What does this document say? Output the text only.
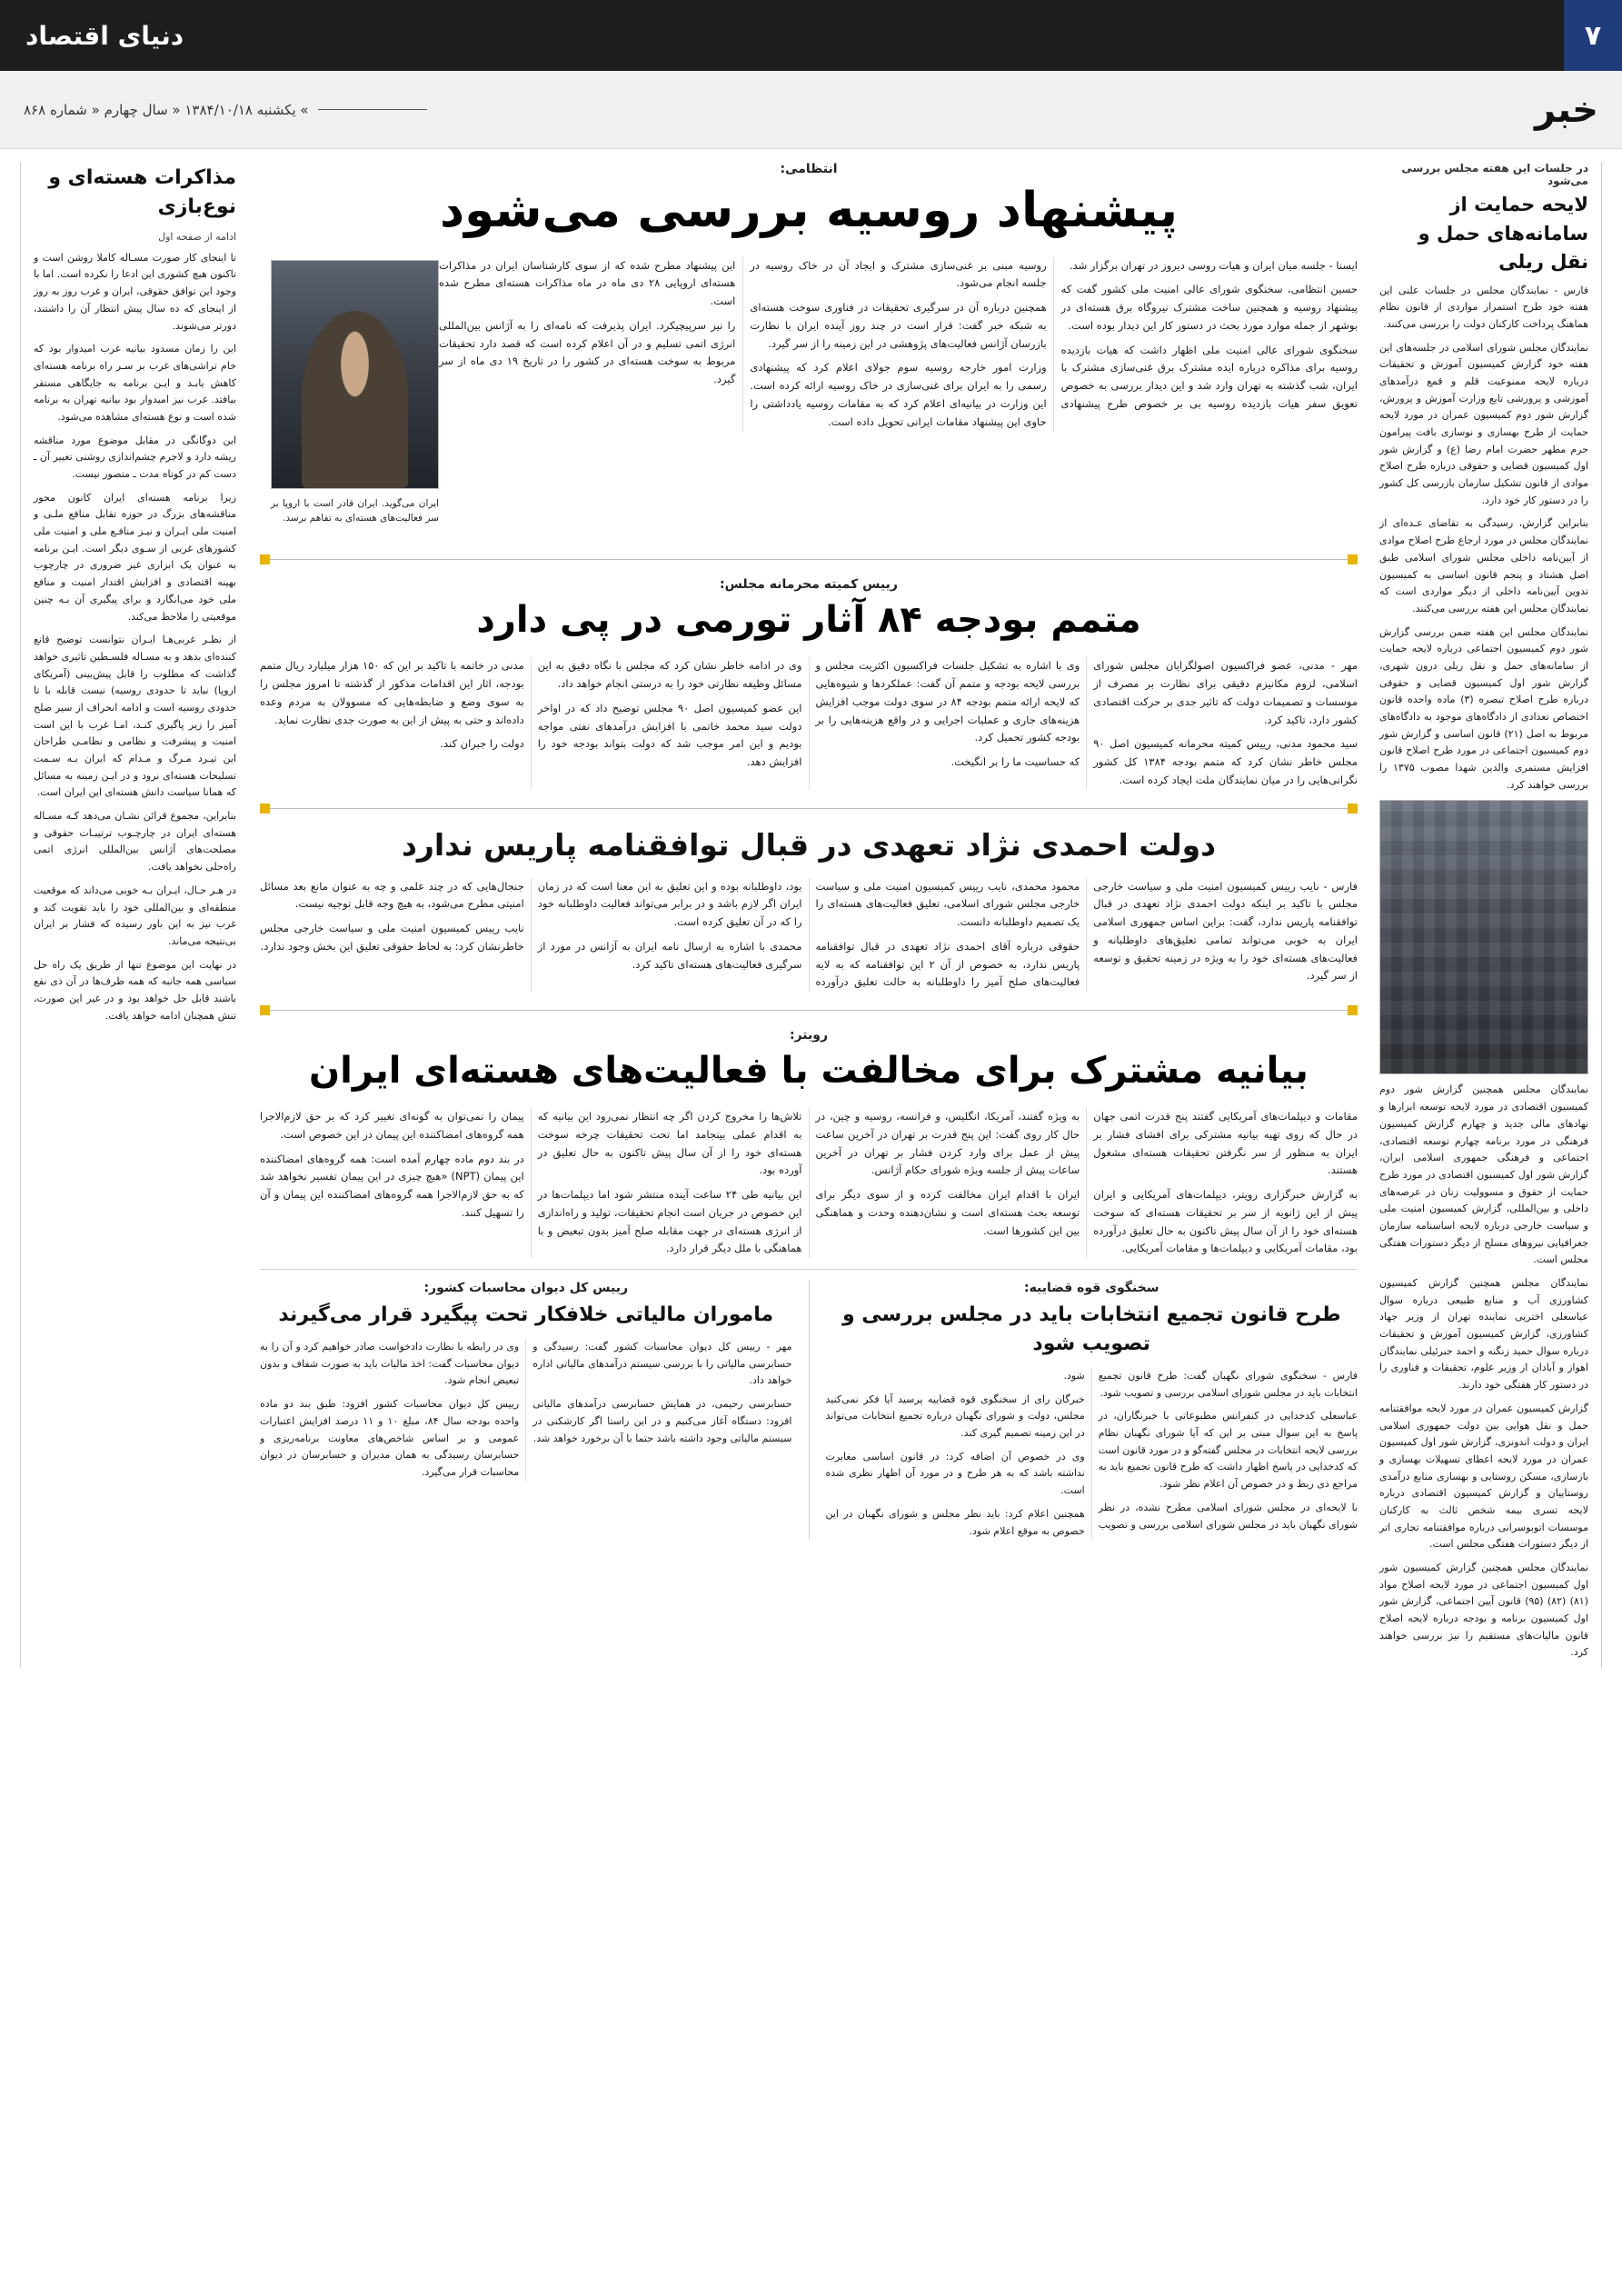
۷
دنیای اقتصاد
خبر
» یکشنبه ۱۳۸۴/۱۰/۱۸ « سال چهارم « شماره ۸۶۸
در جلسات این هفته مجلس بررسی می‌شود
لایحه حمایت از سامانه‌های حمل و نقل ریلی

فارس - نمایندگان مجلس در جلسات علنی این هفته خود طرح استمرار مواردی از قانون نظام هماهنگ پرداخت کارکنان دولت را بررسی می‌کنند.

نمایندگان مجلس شورای اسلامی در جلسه‌های این هفته خود گزارش کمیسیون آموزش و تحقیقات درباره لایحه ممنوعیت قلم و قمع درآمدهای آموزشی و پرورشی تابع وزارت آموزش و پرورش، گزارش شور دوم کمیسیون عمران در مورد لایحه حمایت از طرح بهسازی و نوسازی بافت پیرامون حرم مطهر حضرت امام رضا (ع) و گزارش شور اول کمیسیون قضایی و حقوقی درباره طرح اصلاح موادی از قانون تشکیل سازمان بازرسی کل کشور را در دستور کار خود دارد.

بنابراین گزارش، رسیدگی به تقاضای عـده‌ای از نمایندگان مجلس در مورد ارجاع طرح اصلاح موادی از آیین‌نامه داخلی مجلس شورای اسلامی طبق اصل هشتاد و پنجم قانون اساسی به کمیسیون تدوین آیین‌نامه داخلی از دیگر مواردی است که نمایندگان مجلس این هفته بررسی می‌کنند.

نمایندگان مجلس این هفته ضمن بررسی گزارش شور دوم کمیسیون اجتماعی درباره لایحه حمایت از سامانه‌های حمل و نقل ریلی درون شهری، گزارش شور اول کمیسیون قضایی و حقوقی درباره طرح اصلاح تبصره (۳) ماده واحده قانون اختصاص تعدادی از دادگاه‌های موجود به دادگاه‌های مربوط به اصل (۲۱) قانون اساسی و گزارش شور دوم کمیسیون اجتماعی در مورد طرح اصلاح قانون افزایش مستمری والدین شهدا مصوب ۱۳۷۵ را بررسی خواهند کرد.

نمایندگان مجلس همچنین گزارش شور دوم کمیسیون اقتصادی در مورد لایحه توسعه ابزارها و نهادهای مالی جدید و چهارم گزارش کمیسیون فرهنگی در مورد برنامه چهارم توسعه اقتصادی، اجتماعی و فرهنگی جمهوری اسلامی ایران، گزارش شور اول کمیسیون اقتصادی در مورد طرح حمایت از حقوق و مسوولیت زنان در عرصه‌های داخلی و بین‌المللی، گزارش کمیسیون امنیت ملی و سیاست خارجی درباره لایحه اساسنامه سازمان جغرافیایی نیروهای مسلح از دیگر دستورات هفتگی مجلس است.

نمایندگان مجلس همچنین گزارش کمیسیون کشاورزی آب و منابع طبیعی درباره سوال عباسعلی اخترپی نماینده تهران از وزیر جهاد کشاورزی، گزارش کمیسیون آموزش و تحقیقات درباره سوال حمید زنگنه و احمد جبرئیلی نمایندگان اهواز و آبادان از وزیر علوم، تحقیقات و فناوری را در دستور کار هفتگی خود دارند.

گزارش کمیسیون عمران در مورد لایحه موافقتنامه حمل و نقل هوایی بین دولت جمهوری اسلامی ایران و دولت اندونزی، گزارش شور اول کمیسیون عمران در مورد لایحه اعطای تسهیلات بهسازی و بازسازی، مسکن روستایی و بهسازی منابع درآمدی روستاییان و گزارش کمیسیون اقتصادی درباره لایحه تسری بیمه شخص ثالث به کارکنان موسسات اتوبوسرانی درباره موافقتنامه تجاری اتر از دیگر دستورات هفتگی مجلس است.

نمایندگان مجلس همچنین گزارش کمیسیون شور اول کمیسیون اجتماعی در مورد لایحه اصلاح مواد (۸۱) (۸۲) (۹۵) قانون آیین اجتماعی، گزارش شور اول کمیسیون برنامه و بودجه درباره لایحه اصلاح قانون مالیات‌های مستقیم را نیز بررسی خواهند کرد.

انتظامی:
پیشنهاد روسیه بررسی می‌شود
ایران می‌گوید. ایران قادر است با اروپا بر سر فعالیت‌های هسته‌ای به تفاهم برسد.

ایسنا - جلسه میان ایران و هیات روسی دیروز در تهران برگزار شد.

حسین انتظامی، سخنگوی شورای عالی امنیت ملی کشور گفت که پیشنهاد روسیه و همچنین ساخت مشترک نیروگاه برق هسته‌ای در بوشهر از جمله موارد مورد بحث در دستور کار این دیدار بوده است.

سخنگوی شورای عالی امنیت ملی اظهار داشت که هیات بازدیده روسیه برای مذاکره درباره ایده مشترک برق غنی‌سازی مشترک با ایران، شب گذشته به تهران وارد شد و این دیدار بررسی به خصوص تعویق سفر هیات بازدیده روسیه بی بر خصوص طرح پیشنهادی روسیه مبنی بر غنی‌سازی مشترک و ایجاد آن در خاک روسیه در جلسه انجام می‌شود.

همچنین درباره آن در سرگیری تحقیقات در فناوری سوخت هسته‌ای به شبکه خبر گفت: قرار است در چند روز آینده ایران با نظارت بازرسان آژانس فعالیت‌های پژوهشی در این زمینه را از سر گیرد.

وزارت امور خارجه روسیه سوم جولای اعلام کرد که پیشنهادی رسمی را به ایران برای غنی‌سازی در خاک روسیه ارائه کرده است. این وزارت در بیانیه‌ای اعلام کرد که به مقامات روسیه یادداشتی را حاوی این پیشنهاد مقامات ایرانی تحویل داده است.

این پیشنهاد مطرح شده که از سوی کارشناسان ایران در مذاکرات هسته‌ای اروپایی ۲۸ دی ماه در ماه مذاکرات هسته‌ای مطرح شده است.

را نیز سرپیچیکرد. ایران پذیرفت که نامه‌ای را به آژانس بین‌المللی انرژی اتمی تسلیم و در آن اعلام کرده است که قصد دارد تحقیقات مربوط به سوخت هسته‌ای در کشور را در تاریخ ۱۹ دی ماه از سر گیرد.

رییس کمیته محرمانه مجلس:
متمم بودجه ۸۴ آثار تورمی در پی دارد

مهر - مدنی، عضو فراکسیون اصولگرایان مجلس شورای اسلامی، لزوم مکانیزم دقیقی برای نظارت بر مصرف از موسسات و تصمیمات دولت که تاثیر جدی بر حرکت اقتصادی کشور دارد، تاکید کرد.

سید محمود مدنی، رییس کمیته محرمانه کمیسیون اصل ۹۰ مجلس خاطر نشان کرد که متمم بودجه ۱۳۸۴ کل کشور نگرانی‌هایی را در میان نمایندگان ملت ایجاد کرده است.

وی با اشاره به تشکیل جلسات فراکسیون اکثریت مجلس و بررسی لایحه بودجه و متمم آن گفت: عملکردها و شیوه‌هایی که لایحه ارائه متمم بودجه ۸۴ در سوی دولت موجب افزایش هزینه‌های جاری و عملیات اجرایی و در واقع هزینه‌هایی را بر بودجه کشور تحمیل کرد.

که حساسیت ما را بر انگیخت.

وی در ادامه خاطر نشان کرد که مجلس با نگاه دقیق به این مسائل وظیفه نظارتی خود را به درستی انجام خواهد داد.

این عضو کمیسیون اصل ۹۰ مجلس توضیح داد که در اواخر دولت سید محمد خاتمی با افزایش درآمدهای نفتی مواجه بودیم و این امر موجب شد که دولت بتواند بودجه خود را افزایش دهد.

مدنی در خاتمه با تاکید بر این که ۱۵۰ هزار میلیارد ریال متمم بودجه، اثار این اقدامات مذکور از گذشته تا امروز مجلس را به سوی وضع و ضابطه‌هایی که مسوولان به مردم وعده داده‌اند و حتی به پیش از این به صورت جدی نظارت نماید.

دولت را جبران کند.

دولت احمدی نژاد تعهدی در قبال توافقنامه پاریس ندارد

فارس - نایب رییس کمیسیون امنیت ملی و سیاست خارجی مجلس با تاکید بر اینکه دولت احمدی نژاد تعهدی در قبال توافقنامه پاریس ندارد، گفت: براین اساس جمهوری اسلامی ایران به خوبی می‌تواند تمامی تعلیق‌های داوطلبانه و فعالیت‌های هسته‌ای خود را به ویژه در زمینه تحقیق و توسعه از سر گیرد.

محمود محمدی، نایب رییس کمیسیون امنیت ملی و سیاست خارجی مجلس شورای اسلامی، تعلیق فعالیت‌های هسته‌ای را یک تصمیم داوطلبانه دانست.

حقوقی درباره آقای احمدی نژاد تعهدی در قبال توافقنامه پاریس ندارد، به خصوص از آن ۲ این توافقنامه که به لایه فعالیت‌های صلح آمیز را داوطلبانه به حالت تعلیق درآورده بود، داوطلبانه بوده و این تعلیق به این معنا است که در زمان ایران اگر لازم باشد و در برابر می‌تواند فعالیت داوطلبانه خود را که در آن تعلیق کرده است.

محمدی با اشاره به ارسال نامه ایران به آژانس در مورد از سرگیری فعالیت‌های هسته‌ای تاکید کرد.

جنجال‌هایی که در چند علمی و چه به عنوان مانع بعد مسائل امنیتی مطرح می‌شود، به هیچ وجه قابل توجیه نیست.

نایب رییس کمیسیون امنیت ملی و سیاست خارجی مجلس خاطرنشان کرد: به لحاظ حقوقی تعلیق این بخش وجود ندارد.

رویتر:
بیانیه مشترک برای مخالفت با فعالیت‌های هسته‌ای ایران

مقامات و دیپلمات‌های آمریکایی گفتند پنج قدرت اتمی جهان در حال که روی تهیه بیانیه مشترکی برای افشای فشار بر ایران به منظور از سر نگرفتن تحقیقات هسته‌ای مشغول هستند.

به گزارش خبرگزاری رویتر، دیپلمات‌های آمریکایی و ایران پیش از این ژانویه از سر بر تحقیقات هسته‌ای که سوخت هسته‌ای خود را از آن سال پیش تاکنون به حال تعلیق درآورده بود، مقامات آمریکایی و دیپلمات‌ها و مقامات آمریکایی.

به ویژه گفتند، آمریکا، انگلیس، و فرانسه، روسیه و چین، در حال کار روی گفت: این پنج قدرت بر تهران در آخرین ساعت پیش از عمل برای وارد کردن فشار بر تهران در آخرین ساعات پیش از جلسه ویژه شورای حکام آژانس.

ایران با اقدام ایران مخالفت کرده و از سوی دیگر برای توسعه بحث هسته‌ای است و نشان‌دهنده وحدت و هماهنگی بین این کشورها است.

تلاش‌ها را مخروج کردن اگر چه انتظار نمی‌رود این بیانیه که به اقدام عملی بینجامد اما تحت تحقیقات چرخه سوخت هسته‌ای خود را از آن سال پیش تاکنون به حال تعلیق در آورده بود.

این بیانیه طی ۲۴ ساعت آینده منتشر شود اما دیپلمات‌ها در این خصوص در جریان است انجام تحقیقات، تولید و راه‌اندازی از انرژی هسته‌ای در جهت مقابله صلح آمیز بدون تبعیض و با هماهنگی با ملل دیگر قرار دارد.

پیمان را نمی‌توان به گونه‌ای تغییر کرد که بر حق لازم‌الاجرا همه گروه‌های امضاکننده این پیمان در این خصوص است.

در بند دوم ماده چهارم آمده است: همه گروه‌های امضاکننده این پیمان (NPT) «هیچ چیزی در این پیمان تفسیر نخواهد شد که به حق لازم‌الاجرا همه گروه‌های امضاکننده این پیمان و آن را تسهیل کنند.

سخنگوی قوه قضاییه:
طرح قانون تجمیع انتخابات باید در مجلس بررسی و تصویب شود

فارس - سخنگوی شورای نگهبان گفت: طرح قانون تجمیع انتخابات باید در مجلس شورای اسلامی بررسی و تصویب شود.

عباسعلی کدخدایی در کنفرانس مطبوعاتی با خبرنگاران، در پاسخ به این سوال مبنی بر این که آیا شورای نگهبان نظام بررسی لایحه انتخابات در مجلس گفته‌گو و در مورد قانون است که کدخدایی در پاسخ اظهار داشت که طرح قانون تجمیع باید به مراجع ذی ربط و در خصوص آن اعلام نظر شود.

با لایحه‌ای در مجلس شورای اسلامی مطرح نشده، در نظر شورای نگهبان باید در مجلس شورای اسلامی بررسی و تصویب شود.

خبرگان رای از سخنگوی قوه قضاییه پرسید آیا فکر نمی‌کنید مجلس، دولت و شورای نگهبان درباره تجمیع انتخابات می‌تواند در این زمینه تصمیم گیری کند.

وی در خصوص آن اضافه کرد: در قانون اساسی مغایرت نداشته باشد که به هر طرح و در مورد آن اظهار نظری شده است.

همچنین اعلام کرد: باید نظر مجلس و شورای نگهبان در این خصوص به موقع اعلام شود.

رییس کل دیوان محاسبات کشور:
ماموران مالیاتی خلافکار تحت پیگیرد قرار می‌گیرند

مهر - رییس کل دیوان محاسبات کشور گفت: رسیدگی و حسابرسی مالیاتی را با بررسی سیستم درآمدهای مالیاتی اداره خواهد داد.

حسابرسی رحیمی، در همایش حسابرسی درآمدهای مالیاتی افزود: دستگاه آغاز می‌کنیم و در این راستا اگر کارشکنی در سیستم مالیاتی وجود داشته باشد حتما با آن برخورد خواهد شد.

وی در رابطه با نظارت دادخواست صادر خواهیم کرد و آن را به دیوان محاسبات گفت: اخذ مالیات باید به صورت شفاف و بدون تبعیض انجام شود.

رییس کل دیوان محاسبات کشور افزود: طبق بند دو ماده واحده بودجه سال ۸۴، مبلغ ۱۰ و ۱۱ درصد افزایش اعتبارات عمومی و بر اساس شاخص‌های معاونت برنامه‌ریزی و حسابرسان رسیدگی به همان مدیران و حسابرسان در دیوان محاسبات قرار می‌گیرد.

مذاکرات هسته‌ای و نوع‌بازی
ادامه از صفحه اول

تا اینجای کار صورت مسـاله کاملا روشن است و تاکنون هیچ کشوری این ادعا را نکرده است. اما با وجود این توافق حقوقی، ایران و غرب روز به روز از اینجای که ده سال پیش انتظار آن را داشتند، دورتر می‌شوند.

این را زمان مسدود بیانیه غرب امیدوار بود که خام تراشی‌های غرب بر سـر راه برنامه هسته‌ای کاهش یابـد و ایـن برنامه به جایگاهی مستقر بیافتد. غرب نیز امیدوار بود بیانیه تهران به برنامه شده است و نوع هسته‌ای مشاهده می‌شود.

این دوگانگی در مقابل موضوع مورد مناقشه ریشه دارد و لاجرم چشم‌اندازی روشنی تغییر آن ـ دست کم در کوتاه مدت ـ متصور نیست.

زیرا برنامه هسته‌ای ایران کانون محور مناقشه‌های بزرگ در حوزه تقابل منافع ملـی و امنیت ملی ایـران و نیـز منافـع ملی و امنیت ملی کشورهای غربی از سـوی دیگر است. ایـن برنامه به عنوان یک ابزاری غیر ضروری در چارچوب بهینه اقتصادی و افزایش اقتدار امنیت و منافع ملی خود می‌انگارد و برای پیگیری آن بـه چنین موقعیتی را ملاحظ می‌کند.

از نظـر غربی‌هـا ایـران نتوانست توضیح قانع کننده‌ای بدهد و به مسـاله فلسـطین تاثیری خواهد گذاشت که مطلوب را قابل پیش‌بینی (آمریکای اروپا) نباید تا حدودی روسیه) نیست قابله با تا حدودی روسیه است و ادامه انحراف از سیر صلح آمیز را زیر پاگیری کنـد، امـا غرب با این است امنیت و پیشرفت و نظامی و نظامـی طراحان این تیـرد مـرگ و مـدام که ایران بـه سـمت تسلیحات هسته‌ای نرود و در ایـن زمینه به مسائل که همانا سیاست دانش هسته‌ای این ایران است.

بنابراین، مجموع قرائن نشـان می‌دهد کـه مسـاله هسته‌ای ایران در چارچـوب ترتیبـات حقوقی و مصلحت‌های آژانس بین‌المللی انرژی اتمی راه‌حلی نخواهد یافت.

در هـر حـال، ایـران بـه خوبی می‌داند که موقعیت منطقه‌ای و بین‌المللی خود را باید تقویت کند و غرب نیز به این باور رسیده که فشار بر ایران بی‌نتیجه می‌ماند.

در نهایت این موضوع تنها از طریق یک راه حل سیاسی همه جانبه که همه طرف‌ها در آن ذی نفع باشند قابل حل خواهد بود و در غیر این صورت، تنش همچنان ادامه خواهد یافت.
